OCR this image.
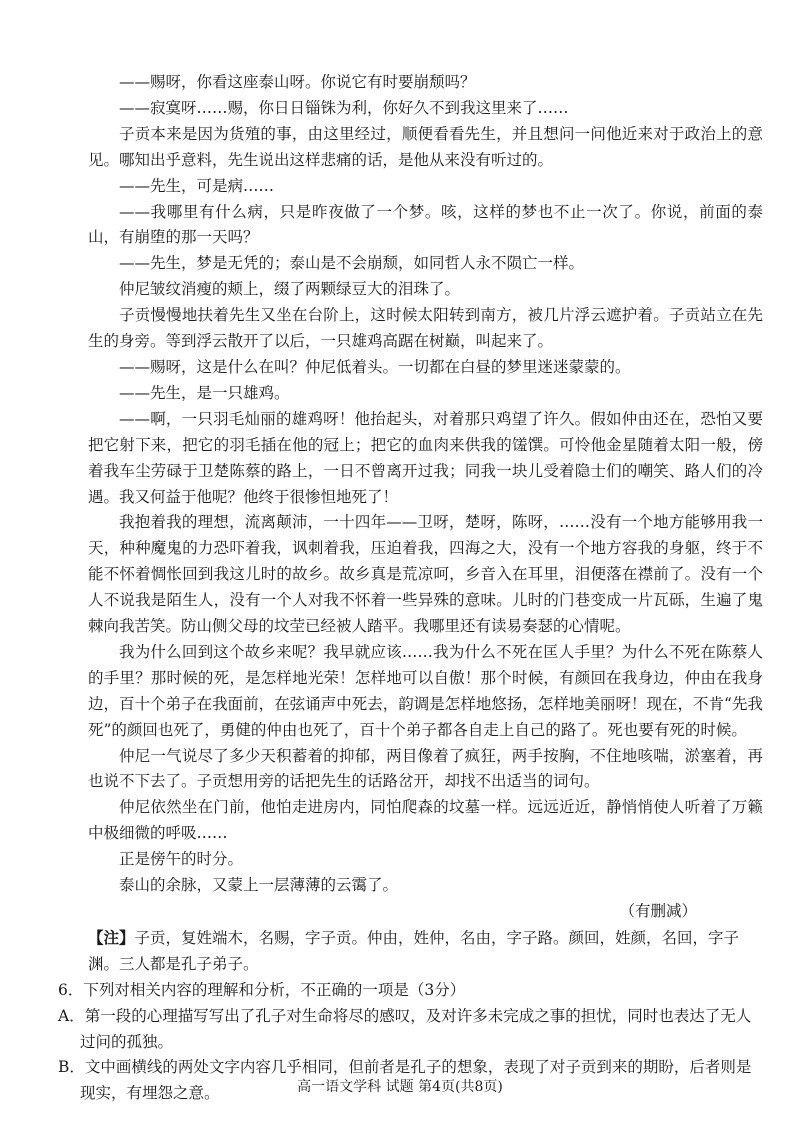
——赐呀，你看这座泰山呀。你说它有时要崩颓吗？

——寂寞呀……赐，你日日锱铢为利，你好久不到我这里来了……

子贡本来是因为货殖的事，由这里经过，顺便看看先生，并且想问一问他近来对于政治上的意见。哪知出乎意料，先生说出这样悲痛的话，是他从来没有听过的。

——先生，可是病……

——我哪里有什么病，只是昨夜做了一个梦。咳，这样的梦也不止一次了。你说，前面的泰山，有崩堕的那一天吗？

——先生，梦是无凭的；泰山是不会崩颓，如同哲人永不陨亡一样。

仲尼皱纹消瘦的颊上，缀了两颗绿豆大的泪珠了。

子贡慢慢地扶着先生又坐在台阶上，这时候太阳转到南方，被几片浮云遮护着。子贡站立在先生的身旁。等到浮云散开了以后，一只雄鸡高踞在树巅，叫起来了。

——赐呀，这是什么在叫？仲尼低着头。一切都在白昼的梦里迷迷蒙蒙的。

——先生，是一只雄鸡。

——啊，一只羽毛灿丽的雄鸡呀！他抬起头，对着那只鸡望了许久。假如仲由还在，恐怕又要把它射下来，把它的羽毛插在他的冠上；把它的血肉来供我的馐馔。可怜他金星随着太阳一般，傍着我车尘劳碌于卫楚陈蔡的路上，一日不曾离开过我；同我一块儿受着隐士们的嘲笑、路人们的冷遇。我又何益于他呢？他终于很惨怛地死了！

我抱着我的理想，流离颠沛，一十四年——卫呀，楚呀，陈呀，……没有一个地方能够用我一天，种种魔鬼的力恐吓着我，讽刺着我，压迫着我，四海之大，没有一个地方容我的身躯，终于不能不怀着惆怅回到我这儿时的故乡。故乡真是荒凉呵，乡音入在耳里，泪便落在襟前了。没有一个人不说我是陌生人，没有一个人对我不怀着一些异殊的意味。儿时的门巷变成一片瓦砾，生遍了鬼棘向我苦笑。防山侧父母的坟茔已经被人踏平。我哪里还有读易奏瑟的心情呢。

我为什么回到这个故乡来呢？我早就应该……我为什么不死在匡人手里？为什么不死在陈蔡人的手里？那时候的死，是怎样地光荣！怎样地可以自傲！那个时候，有颜回在我身边，仲由在我身边，百十个弟子在我面前，在弦诵声中死去，韵调是怎样地悠扬，怎样地美丽呀！现在，不肯“先我死”的颜回也死了，勇健的仲由也死了，百十个弟子都各自走上自己的路了。死也要有死的时候。

仲尼一气说尽了多少天积蓄着的抑郁，两目像着了疯狂，两手按胸，不住地咳喘，淤塞着，再也说不下去了。子贡想用旁的话把先生的话路岔开，却找不出适当的词句。

仲尼依然坐在门前，他怕走进房内，同怕爬森的坟墓一样。远远近近，静悄悄使人听着了万籁中极细微的呼吸……

正是傍午的时分。

泰山的余脉，又蒙上一层薄薄的云霭了。

（有删减）

【注】子贡，复姓端木，名赐，字子贡。仲由，姓仲，名由，字子路。颜回，姓颜，名回，字子渊。三人都是孔子弟子。

6．下列对相关内容的理解和分析，不正确的一项是（3分）

A．第一段的心理描写写出了孔子对生命将尽的感叹，及对许多未完成之事的担忧，同时也表达了无人过问的孤独。

B．文中画横线的两处文字内容几乎相同，但前者是孔子的想象，表现了对子贡到来的期盼，后者则是现实，有埋怨之意。	高一语文学科 试题 第4页(共8页)
